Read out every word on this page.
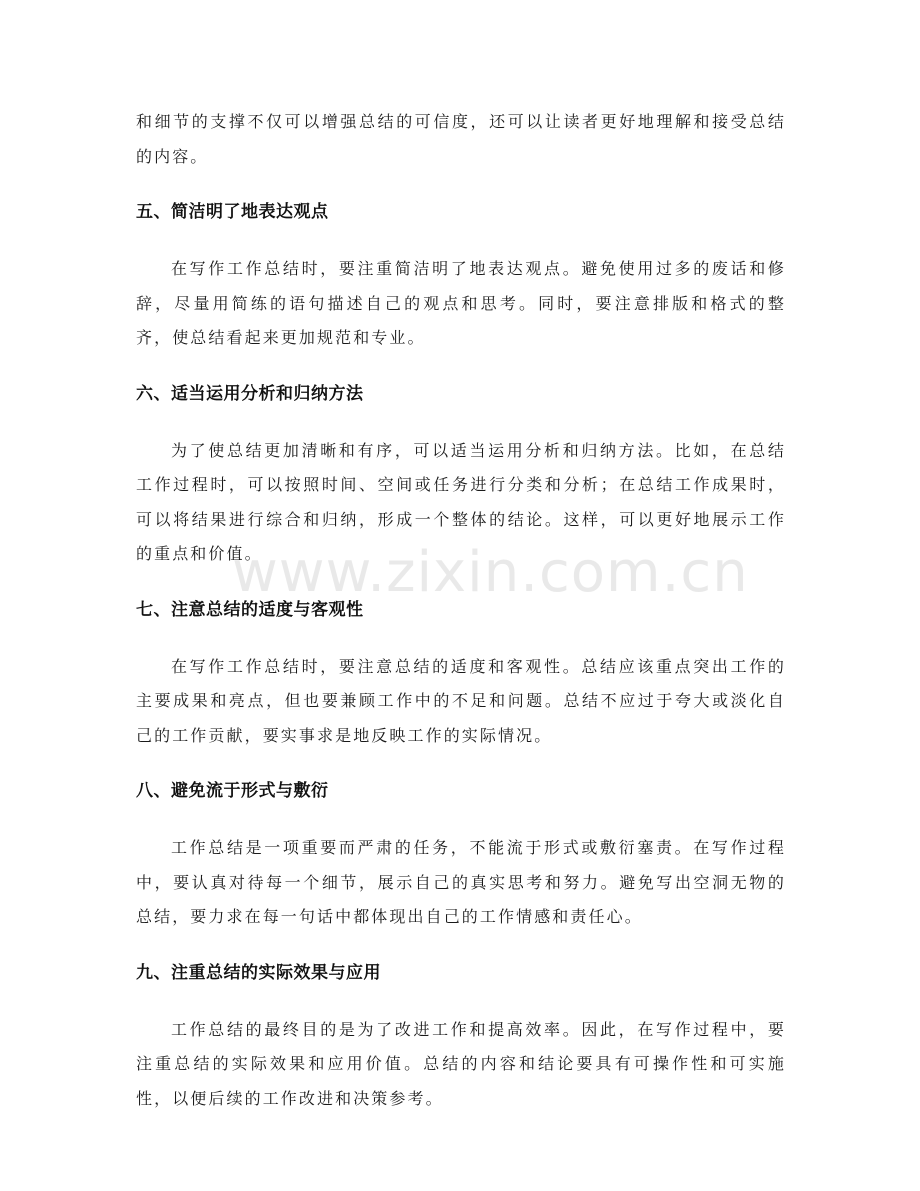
和细节的支撑不仅可以增强总结的可信度，还可以让读者更好地理解和接受总结的内容。

五、简洁明了地表达观点

在写作工作总结时，要注重简洁明了地表达观点。避免使用过多的废话和修辞，尽量用简练的语句描述自己的观点和思考。同时，要注意排版和格式的整齐，使总结看起来更加规范和专业。

六、适当运用分析和归纳方法

为了使总结更加清晰和有序，可以适当运用分析和归纳方法。比如，在总结工作过程时，可以按照时间、空间或任务进行分类和分析；在总结工作成果时，可以将结果进行综合和归纳，形成一个整体的结论。这样，可以更好地展示工作的重点和价值。

七、注意总结的适度与客观性

在写作工作总结时，要注意总结的适度和客观性。总结应该重点突出工作的主要成果和亮点，但也要兼顾工作中的不足和问题。总结不应过于夸大或淡化自己的工作贡献，要实事求是地反映工作的实际情况。

八、避免流于形式与敷衍

工作总结是一项重要而严肃的任务，不能流于形式或敷衍塞责。在写作过程中，要认真对待每一个细节，展示自己的真实思考和努力。避免写出空洞无物的总结，要力求在每一句话中都体现出自己的工作情感和责任心。

九、注重总结的实际效果与应用

工作总结的最终目的是为了改进工作和提高效率。因此，在写作过程中，要注重总结的实际效果和应用价值。总结的内容和结论要具有可操作性和可实施性，以便后续的工作改进和决策参考。

www.zixin.com.cn
